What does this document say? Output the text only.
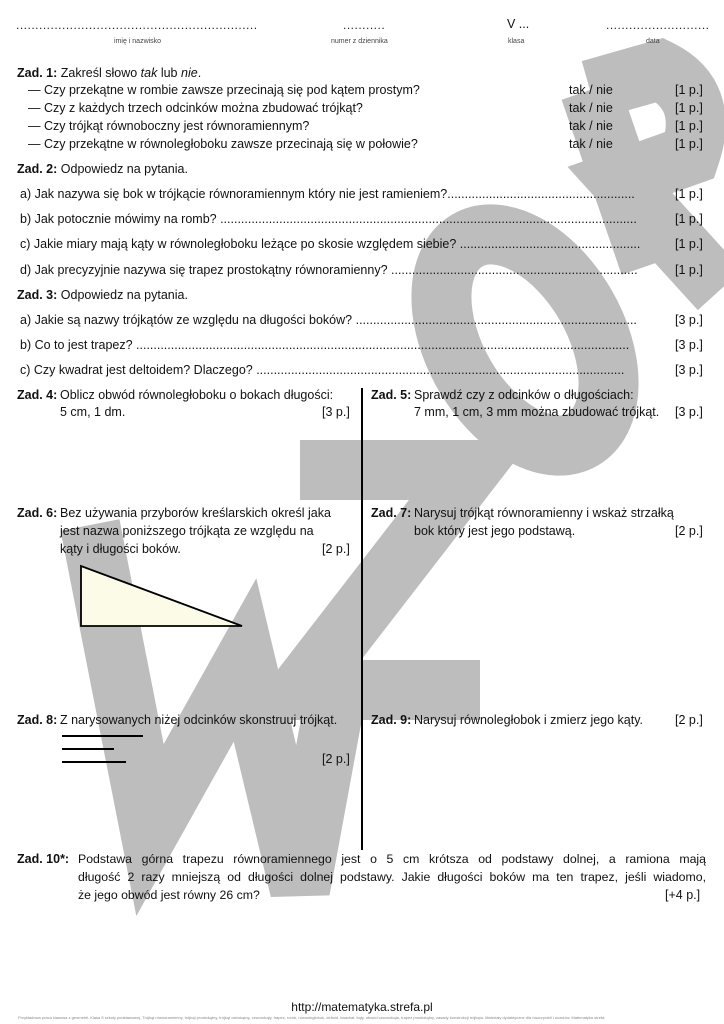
...............................................................
imię i nazwisko
...........
numer z dziennika
V ...
klasa
...........................
data
Zad. 1: Zakreśl słowo tak lub nie.
— Czy przekątne w rombie zawsze przecinają się pod kątem prostym?	tak / nie	[1 p.]
— Czy z każdych trzech odcinków można zbudować trójkąt?	tak / nie	[1 p.]
— Czy trójkąt równoboczny jest równoramiennym?	tak / nie	[1 p.]
— Czy przekątne w równoległoboku zawsze przecinają się w połowie?	tak / nie	[1 p.]
Zad. 2: Odpowiedz na pytania.
a) Jak nazywa się bok w trójkącie równoramiennym który nie jest ramieniem?......................................................	[1 p.]
b) Jak potocznie mówimy na romb? ........................................................................................................................	[1 p.]
c) Jakie miary mają kąty w równoległoboku leżące po skosie względem siebie? ....................................................	[1 p.]
d) Jak precyzyjnie nazywa się trapez prostokątny równoramienny? .......................................................................	[1 p.]
Zad. 3: Odpowiedz na pytania.
a) Jakie są nazwy trójkątów ze względu na długości boków? .................................................................................	[3 p.]
b) Co to jest trapez? ..............................................................................................................................................	[3 p.]
c) Czy kwadrat jest deltoidem? Dlaczego? ..........................................................................................................	[3 p.]
Zad. 4: Oblicz obwód równoległoboku o bokach długości:
5 cm, 1 dm.	[3 p.]
Zad. 5: Sprawdź czy z odcinków o długościach:
7 mm, 1 cm, 3 mm można zbudować trójkąt. [3 p.]
Zad. 6: Bez używania przyborów kreślarskich określ jaka
jest nazwa poniższego trójkąta ze względu na
kąty i długości boków.	[2 p.]
Zad. 7: Narysuj trójkąt równoramienny i wskaż strzałką
bok który jest jego podstawą.	[2 p.]
Zad. 8: Z narysowanych niżej odcinków skonstruuj trójkąt.
[2 p.]
Zad. 9: Narysuj równoległobok i zmierz jego kąty.	[2 p.]
Zad. 10*: Podstawa górna trapezu równoramiennego jest o 5 cm krótsza od podstawy dolnej, a ramiona mają
długość 2 razy mniejszą od długości dolnej podstawy. Jakie długości boków ma ten trapez, jeśli wiadomo,
że jego obwód jest równy 26 cm?	[+4 p.]
http://matematyka.strefa.pl
Przykładowa praca klasowa z geometrii. Klasa 5 szkoły podstawowej. Trójkąt równoramienny, trójkąt prostokątny, trójkąt ostrokątny, czworokąty, trapez, romb, równoległobok, deltoid, kwadrat, kąty, obwód czworokąta, trapez prostokątny, zasady konstrukcji trójkąta. Materiały dydaktyczne dla nauczycieli i uczniów. Matematyka strefa.
